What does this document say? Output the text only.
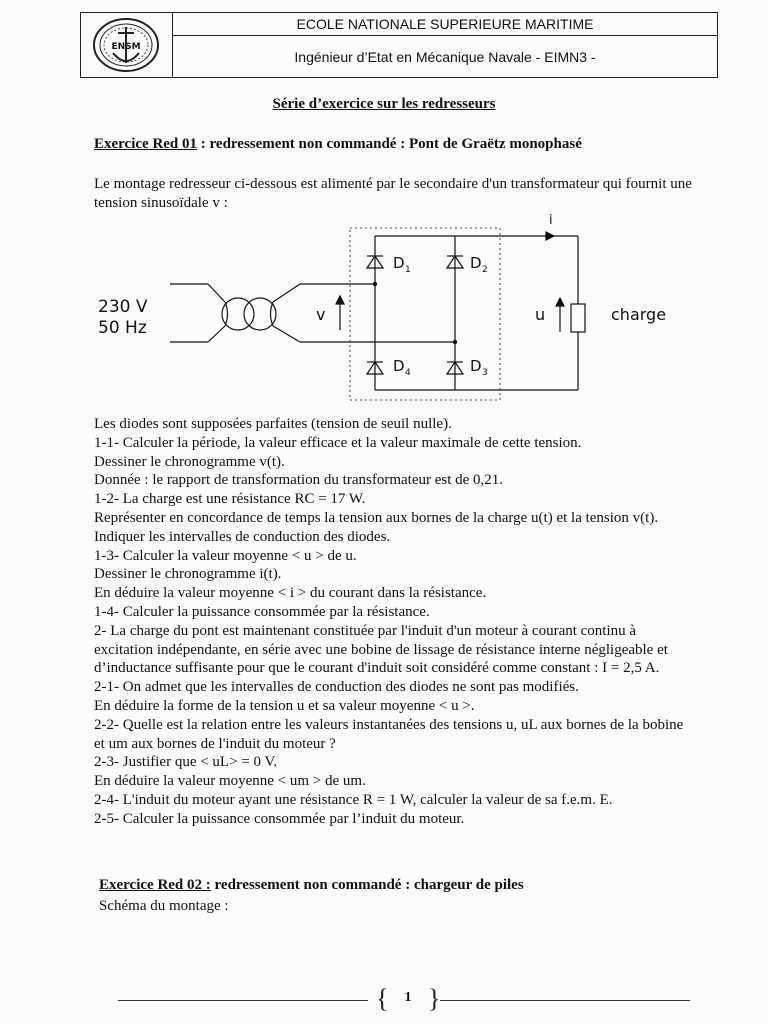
ENSM
ECOLE NATIONALE SUPERIEURE MARITIME
Ingénieur d’Etat en Mécanique Navale - EIMN3 -
Série d’exercice sur les redresseurs
Exercice Red 01 : redressement non commandé : Pont de Graëtz monophasé
Le montage redresseur ci-dessous est alimenté par le secondaire d'un transformateur qui fournit une tension sinusoïdale v :
230 V
50 Hz
v	u
i
charge
D 1	D 2
D 4	D 3
Les diodes sont supposées parfaites (tension de seuil nulle).
1-1- Calculer la période, la valeur efficace et la valeur maximale de cette tension.
Dessiner le chronogramme v(t).
Donnée : le rapport de transformation du transformateur est de 0,21.
1-2- La charge est une résistance RC = 17 W.
Représenter en concordance de temps la tension aux bornes de la charge u(t) et la tension v(t).
Indiquer les intervalles de conduction des diodes.
1-3- Calculer la valeur moyenne < u > de u.
Dessiner le chronogramme i(t).
En déduire la valeur moyenne < i > du courant dans la résistance.
1-4- Calculer la puissance consommée par la résistance.
2- La charge du pont est maintenant constituée par l'induit d'un moteur à courant continu à
excitation indépendante, en série avec une bobine de lissage de résistance interne négligeable et
d’inductance suffisante pour que le courant d'induit soit considéré comme constant : I = 2,5 A.
2-1- On admet que les intervalles de conduction des diodes ne sont pas modifiés.
En déduire la forme de la tension u et sa valeur moyenne < u >.
2-2- Quelle est la relation entre les valeurs instantanées des tensions u, uL aux bornes de la bobine
et um aux bornes de l'induit du moteur ?
2-3- Justifier que < uL> = 0 V.
En déduire la valeur moyenne < um > de um.
2-4- L'induit du moteur ayant une résistance R = 1 W, calculer la valeur de sa f.e.m. E.
2-5- Calculer la puissance consommée par l’induit du moteur.
Exercice Red 02 : redressement non commandé : chargeur de piles
Schéma du montage :
{ }
1
